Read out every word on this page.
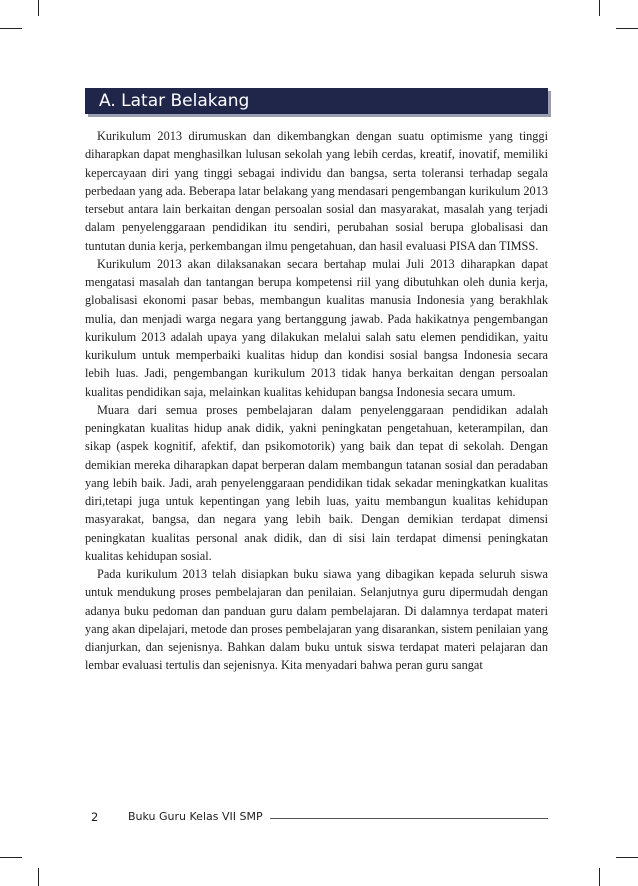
A. Latar Belakang

Kurikulum 2013 dirumuskan dan dikembangkan dengan suatu optimisme yang tinggi diharapkan dapat menghasilkan lulusan sekolah yang lebih cerdas, kreatif, inovatif, memiliki kepercayaan diri yang tinggi sebagai individu dan bangsa, serta toleransi terhadap segala perbedaan yang ada. Beberapa latar belakang yang mendasari pengembangan kurikulum 2013 tersebut antara lain berkaitan dengan persoalan sosial dan masyarakat, masalah yang terjadi dalam penyelenggaraan pendidikan itu sendiri, perubahan sosial berupa globalisasi dan tuntutan dunia kerja, perkembangan ilmu pengetahuan, dan hasil evaluasi PISA dan TIMSS.

Kurikulum 2013 akan dilaksanakan secara bertahap mulai Juli 2013 diharapkan dapat mengatasi masalah dan tantangan berupa kompetensi riil yang dibutuhkan oleh dunia kerja, globalisasi ekonomi pasar bebas, membangun kualitas manusia Indonesia yang berakhlak mulia, dan menjadi warga negara yang bertanggung jawab. Pada hakikatnya pengembangan kurikulum 2013 adalah upaya yang dilakukan melalui salah satu elemen pendidikan, yaitu kurikulum untuk memperbaiki kualitas hidup dan kondisi sosial bangsa Indonesia secara lebih luas. Jadi, pengembangan kurikulum 2013 tidak hanya berkaitan dengan persoalan kualitas pendidikan saja, melainkan kualitas kehidupan bangsa Indonesia secara umum.

Muara dari semua proses pembelajaran dalam penyelenggaraan pendidikan adalah peningkatan kualitas hidup anak didik, yakni peningkatan pengetahuan, keterampilan, dan sikap (aspek kognitif, afektif, dan psikomotorik) yang baik dan tepat di sekolah. Dengan demikian mereka diharapkan dapat berperan dalam membangun tatanan sosial dan peradaban yang lebih baik. Jadi, arah penyelenggaraan pendidikan tidak sekadar meningkatkan kualitas diri,tetapi juga untuk kepentingan yang lebih luas, yaitu membangun kualitas kehidupan masyarakat, bangsa, dan negara yang lebih baik. Dengan demikian terdapat dimensi peningkatan kualitas personal anak didik, dan di sisi lain terdapat dimensi peningkatan kualitas kehidupan sosial.

Pada kurikulum 2013 telah disiapkan buku siawa yang dibagikan kepada seluruh siswa untuk mendukung proses pembelajaran dan penilaian. Selanjutnya guru dipermudah dengan adanya buku pedoman dan panduan guru dalam pembelajaran. Di dalamnya terdapat materi yang akan dipelajari, metode dan proses pembelajaran yang disarankan, sistem penilaian yang dianjurkan, dan sejenisnya. Bahkan dalam buku untuk siswa terdapat materi pelajaran dan lembar evaluasi tertulis dan sejenisnya. Kita menyadari bahwa peran guru sangat

2	Buku Guru Kelas VII SMP
